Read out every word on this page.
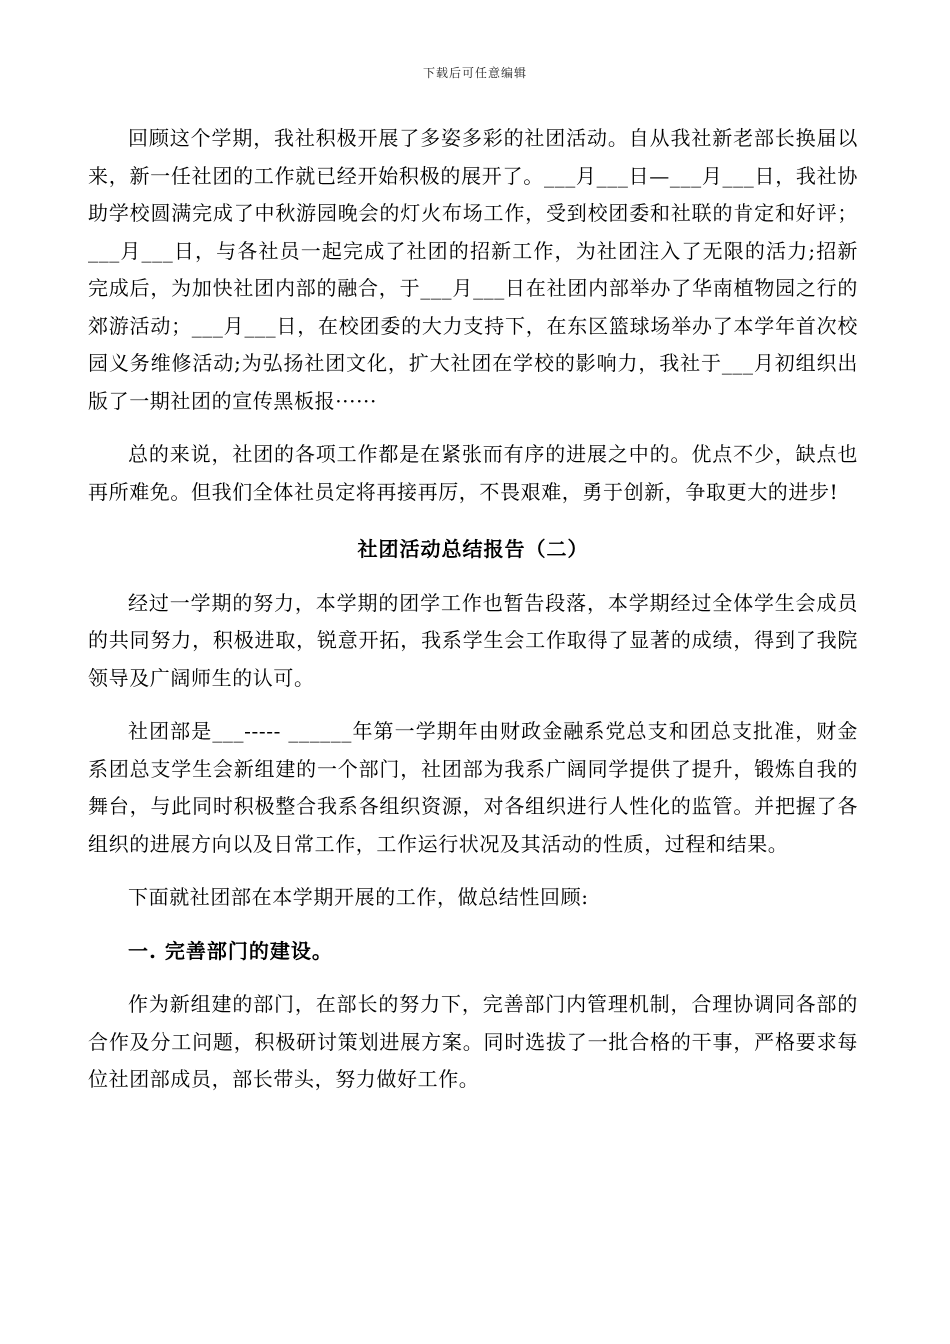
下载后可任意编辑

回顾这个学期，我社积极开展了多姿多彩的社团活动。自从我社新老部长换届以来，新一任社团的工作就已经开始积极的展开了。___月___日—___月___日，我社协助学校圆满完成了中秋游园晚会的灯火布场工作，受到校团委和社联的肯定和好评；___月___日，与各社员一起完成了社团的招新工作，为社团注入了无限的活力;招新完成后，为加快社团内部的融合，于___月___日在社团内部举办了华南植物园之行的郊游活动；___月___日，在校团委的大力支持下，在东区篮球场举办了本学年首次校园义务维修活动;为弘扬社团文化，扩大社团在学校的影响力，我社于___月初组织出版了一期社团的宣传黑板报······

总的来说，社团的各项工作都是在紧张而有序的进展之中的。优点不少，缺点也再所难免。但我们全体社员定将再接再厉，不畏艰难，勇于创新，争取更大的进步!

社团活动总结报告（二）

经过一学期的努力，本学期的团学工作也暂告段落，本学期经过全体学生会成员的共同努力，积极进取，锐意开拓，我系学生会工作取得了显著的成绩，得到了我院领导及广阔师生的认可。

社团部是___----- ______年第一学期年由财政金融系党总支和团总支批准，财金系团总支学生会新组建的一个部门，社团部为我系广阔同学提供了提升，锻炼自我的舞台，与此同时积极整合我系各组织资源，对各组织进行人性化的监管。并把握了各组织的进展方向以及日常工作，工作运行状况及其活动的性质，过程和结果。

下面就社团部在本学期开展的工作，做总结性回顾:

一. 完善部门的建设。

作为新组建的部门，在部长的努力下，完善部门内管理机制，合理协调同各部的合作及分工问题，积极研讨策划进展方案。同时选拔了一批合格的干事，严格要求每位社团部成员，部长带头，努力做好工作。
